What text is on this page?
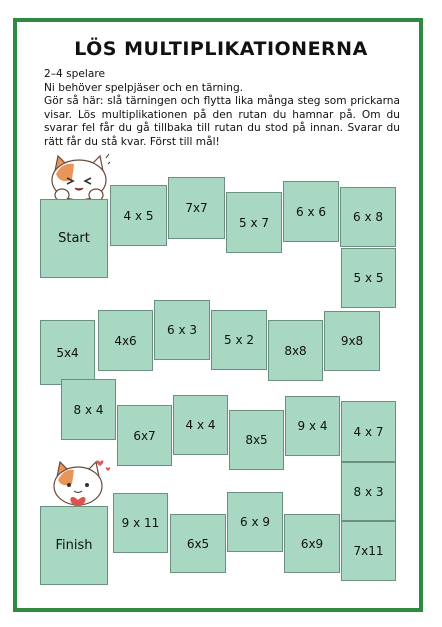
LÖS MULTIPLIKATIONERNA
2–4 spelare
Ni behöver spelpjäser och en tärning.
Gör så här: slå tärningen och flytta lika många steg som prickarna visar. Lös multiplikationen på den rutan du hamnar på. Om du svarar fel får du gå tillbaka till rutan du stod på innan. Svarar du rätt får du stå kvar. Först till mål!
Start
4 x 5
7x7
5 x 7
6 x 6	6 x 8
5 x 5
5x4
4x6
6 x 3
5 x 2
8x8
9x8
8 x 4
6x7
4 x 4
8x5
9 x 4	4 x 7
8 x 3
Finish
9 x 11
6x5
6 x 9
6x9
7x11
